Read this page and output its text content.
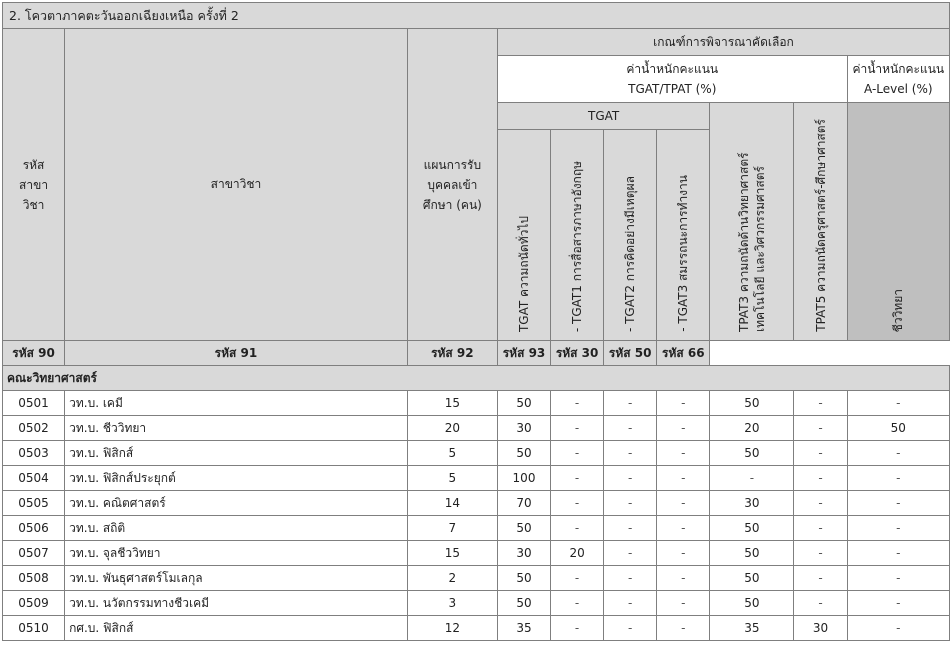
2. โควตาภาคตะวันออกเฉียงเหนือ ครั้งที่ 2									

รหัส สาขาวิชา	สาขาวิชา	แผนการรับ บุคคลเข้าศึกษา (คน)	เกณฑ์การพิจารณาคัดเลือก						

			ค่าน้ำหนักคะแนน
TGAT/TPAT (%)						ค่าน้ำหนักคะแนน
A-Level (%)

			TGAT				TPAT3 ความถนัดด้านวิทยาศาสตร์ เทคโนโลยี และวิศวกรรมศาสตร์	TPAT5 ความถนัดครุศาสตร์-ศึกษาศาสตร์	ชีววิทยา

			TGAT ความถนัดทั่วไป	- TGAT1 การสื่อสารภาษาอังกฤษ	- TGAT2 การคิดอย่างมีเหตุผล	- TGAT3 สมรรถนะการทำงาน			

รหัส 90	รหัส 91	รหัส 92	รหัส 93	รหัส 30	รหัส 50	รหัส 66			
คณะวิทยาศาสตร์									
0501	วท.บ. เคมี	15	50	-	-	-	50	-	-
0502	วท.บ. ชีววิทยา	20	30	-	-	-	20	-	50
0503	วท.บ. ฟิสิกส์	5	50	-	-	-	50	-	-
0504	วท.บ. ฟิสิกส์ประยุกต์	5	100	-	-	-	-	-	-
0505	วท.บ. คณิตศาสตร์	14	70	-	-	-	30	-	-
0506	วท.บ. สถิติ	7	50	-	-	-	50	-	-
0507	วท.บ. จุลชีววิทยา	15	30	20	-	-	50	-	-
0508	วท.บ. พันธุศาสตร์โมเลกุล	2	50	-	-	-	50	-	-
0509	วท.บ. นวัตกรรมทางชีวเคมี	3	50	-	-	-	50	-	-
0510	กศ.บ. ฟิสิกส์	12	35	-	-	-	35	30	-
